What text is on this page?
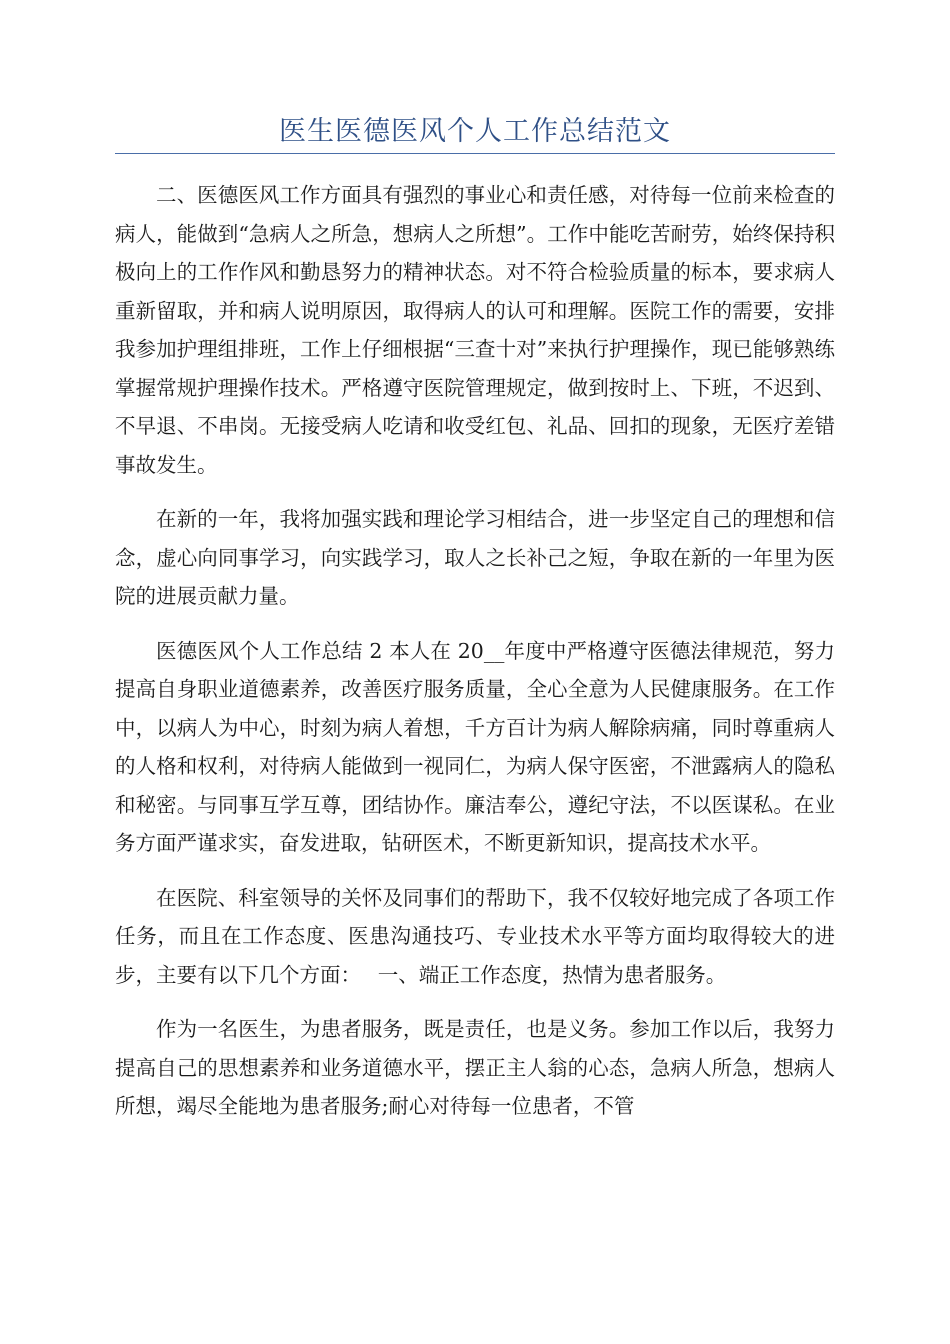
医生医德医风个人工作总结范文

二、医德医风工作方面具有强烈的事业心和责任感，对待每一位前来检查的病人，能做到“急病人之所急，想病人之所想”。工作中能吃苦耐劳，始终保持积极向上的工作作风和勤恳努力的精神状态。对不符合检验质量的标本，要求病人重新留取，并和病人说明原因，取得病人的认可和理解。医院工作的需要，安排我参加护理组排班，工作上仔细根据“三查十对”来执行护理操作，现已能够熟练掌握常规护理操作技术。严格遵守医院管理规定，做到按时上、下班，不迟到、不早退、不串岗。无接受病人吃请和收受红包、礼品、回扣的现象，无医疗差错事故发生。

在新的一年，我将加强实践和理论学习相结合，进一步坚定自己的理想和信念，虚心向同事学习，向实践学习，取人之长补己之短，争取在新的一年里为医院的进展贡献力量。

医德医风个人工作总结 2 本人在 20__年度中严格遵守医德法律规范，努力提高自身职业道德素养，改善医疗服务质量，全心全意为人民健康服务。在工作中，以病人为中心，时刻为病人着想，千方百计为病人解除病痛，同时尊重病人的人格和权利，对待病人能做到一视同仁，为病人保守医密，不泄露病人的隐私和秘密。与同事互学互尊，团结协作。廉洁奉公，遵纪守法，不以医谋私。在业务方面严谨求实，奋发进取，钻研医术，不断更新知识，提高技术水平。

在医院、科室领导的关怀及同事们的帮助下，我不仅较好地完成了各项工作任务，而且在工作态度、医患沟通技巧、专业技术水平等方面均取得较大的进步，主要有以下几个方面：　 一、端正工作态度，热情为患者服务。

作为一名医生，为患者服务，既是责任，也是义务。参加工作以后，我努力提高自己的思想素养和业务道德水平，摆正主人翁的心态，急病人所急，想病人所想，竭尽全能地为患者服务;耐心对待每一位患者，不管
